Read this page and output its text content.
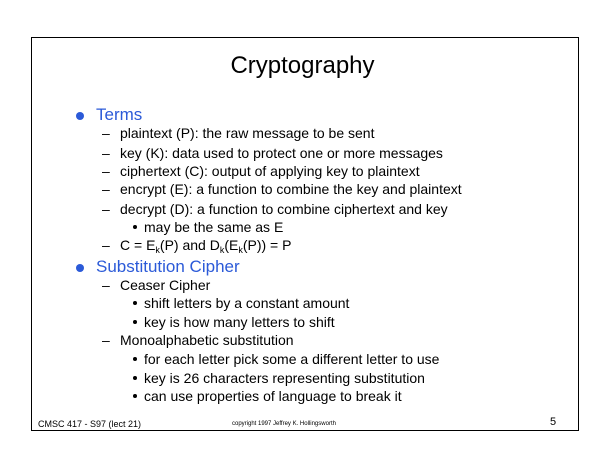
Cryptography
Terms
– plaintext (P): the raw message to be sent
– key (K): data used to protect one or more messages
– ciphertext (C): output of applying key to plaintext
– encrypt (E): a function to combine the key and plaintext
– decrypt (D): a function to combine ciphertext and key
may be the same as E
– $C = E_k(P)$ and $D_k(E_k(P)) = P$
Substitution Cipher
– Ceaser Cipher
shift letters by a constant amount
key is how many letters to shift
– Monoalphabetic substitution
for each letter pick some a different letter to use
key is 26 characters representing substitution
can use properties of language to break it
CMSC 417 - S97 (lect 21)	copyright 1997 Jeffrey K. Hollingsworth	5
